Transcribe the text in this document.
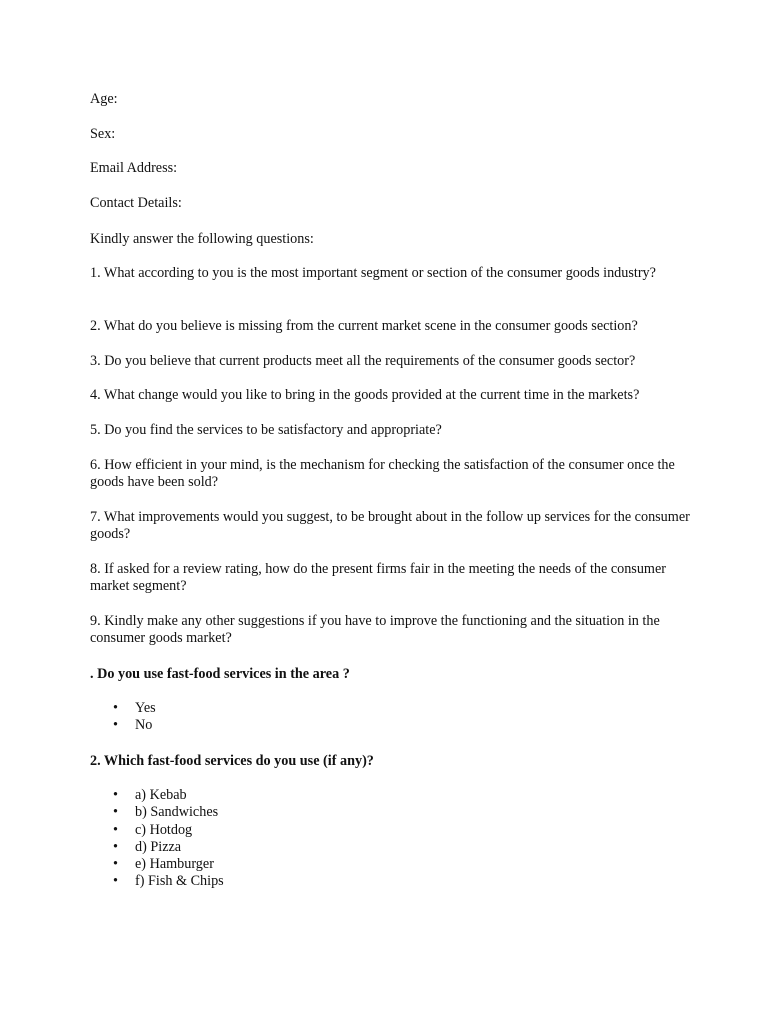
Age:

Sex:

Email Address:

Contact Details:

Kindly answer the following questions:

1. What according to you is the most important segment or section of the consumer goods industry?

2. What do you believe is missing from the current market scene in the consumer goods section?

3. Do you believe that current products meet all the requirements of the consumer goods sector?

4. What change would you like to bring in the goods provided at the current time in the markets?

5. Do you find the services to be satisfactory and appropriate?

6. How efficient in your mind, is the mechanism for checking the satisfaction of the consumer once the goods have been sold?

7. What improvements would you suggest, to be brought about in the follow up services for the consumer goods?

8. If asked for a review rating, how do the present firms fair in the meeting the needs of the consumer market segment?

9. Kindly make any other suggestions if you have to improve the functioning and the situation in the consumer goods market?

. Do you use fast-food services in the area ?

• Yes
• No

2. Which fast-food services do you use (if any)?

• a) Kebab
• b) Sandwiches
• c) Hotdog
• d) Pizza
• e) Hamburger
• f) Fish & Chips
